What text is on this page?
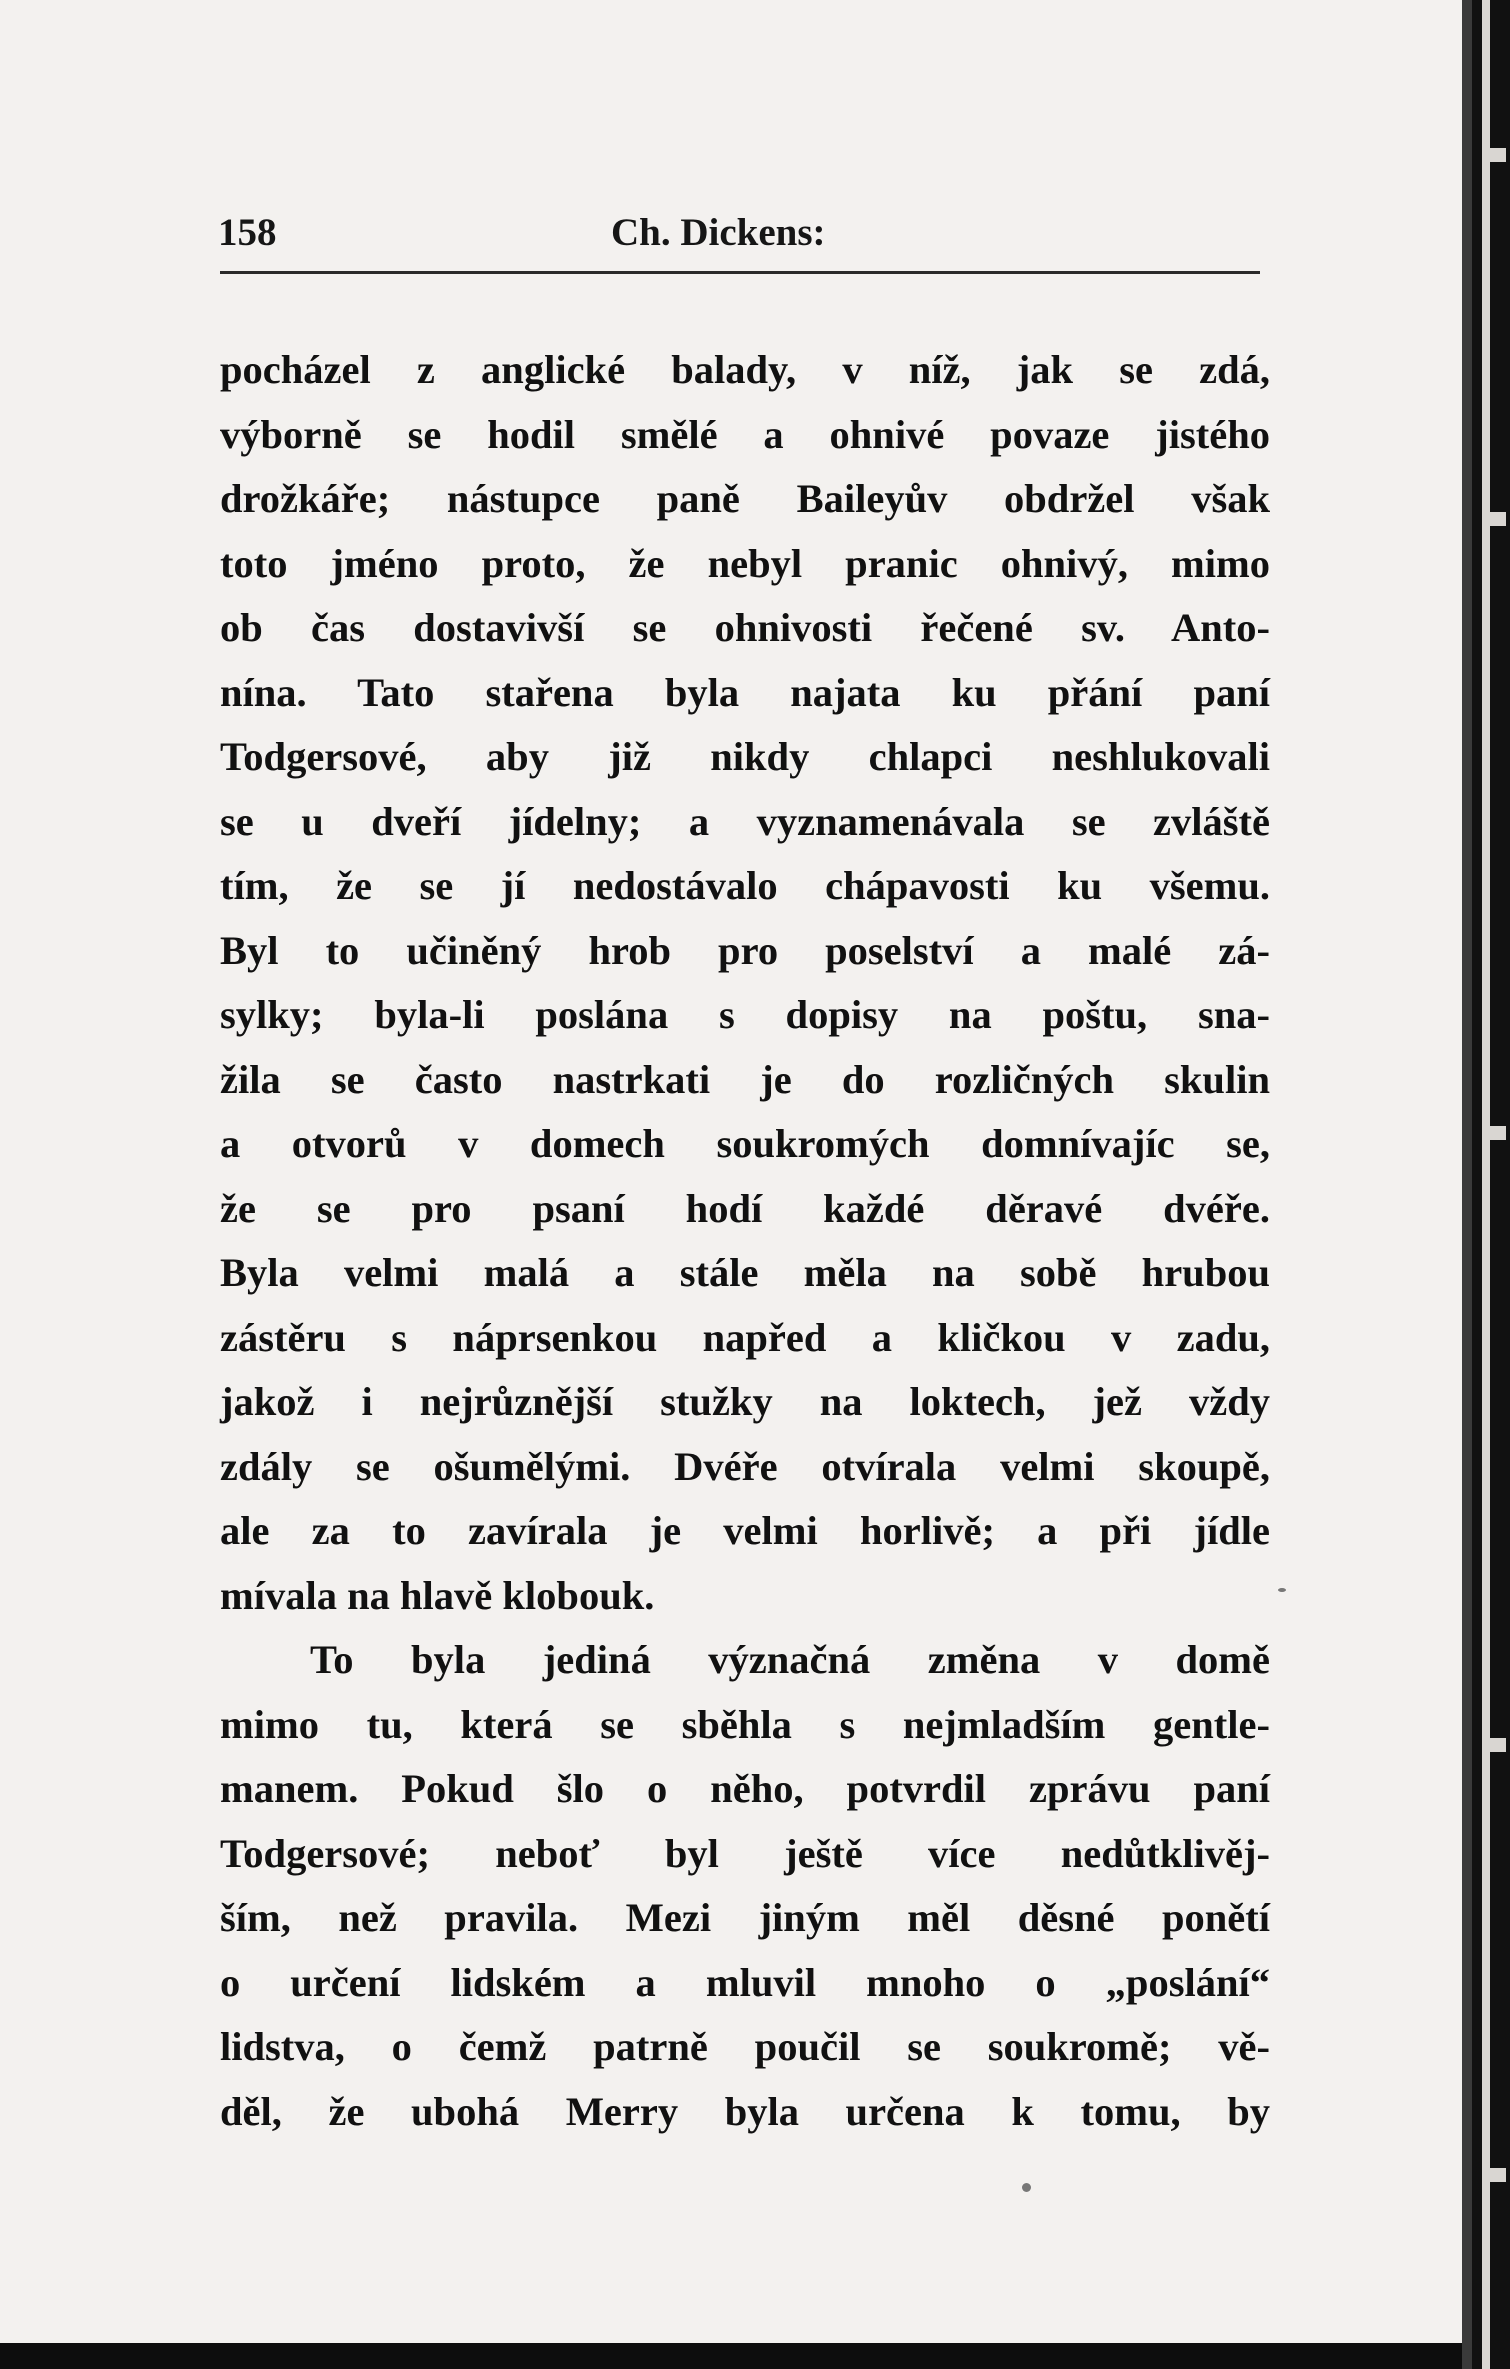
158	Ch. Dickens:
pocházel z anglické balady, v níž, jak se zdá,
výborně se hodil smělé a ohnivé povaze jistého
drožkáře; nástupce paně Baileyův obdržel však
toto jméno proto, že nebyl pranic ohnivý, mimo
ob čas dostavivší se ohnivosti řečené sv. Anto-
nína. Tato stařena byla najata ku přání paní
Todgersové, aby již nikdy chlapci neshlukovali
se u dveří jídelny; a vyznamenávala se zvláště
tím, že se jí nedostávalo chápavosti ku všemu.
Byl to učiněný hrob pro poselství a malé zá-
sylky; byla-li poslána s dopisy na poštu, sna-
žila se často nastrkati je do rozličných skulin
a otvorů v domech soukromých domnívajíc se,
že se pro psaní hodí každé děravé dvéře.
Byla velmi malá a stále měla na sobě hrubou
zástěru s náprsenkou napřed a kličkou v zadu,
jakož i nejrůznější stužky na loktech, jež vždy
zdály se ošumělými. Dvéře otvírala velmi skoupě,
ale za to zavírala je velmi horlivě; a při jídle
mívala na hlavě klobouk.
To byla jediná význačná změna v domě
mimo tu, která se sběhla s nejmladším gentle-
manem. Pokud šlo o něho, potvrdil zprávu paní
Todgersové; neboť byl ještě více nedůtklivěj-
ším, než pravila. Mezi jiným měl děsné ponětí
o určení lidském a mluvil mnoho o „poslání“
lidstva, o čemž patrně poučil se soukromě; vě-
děl, že ubohá Merry byla určena k tomu, by
